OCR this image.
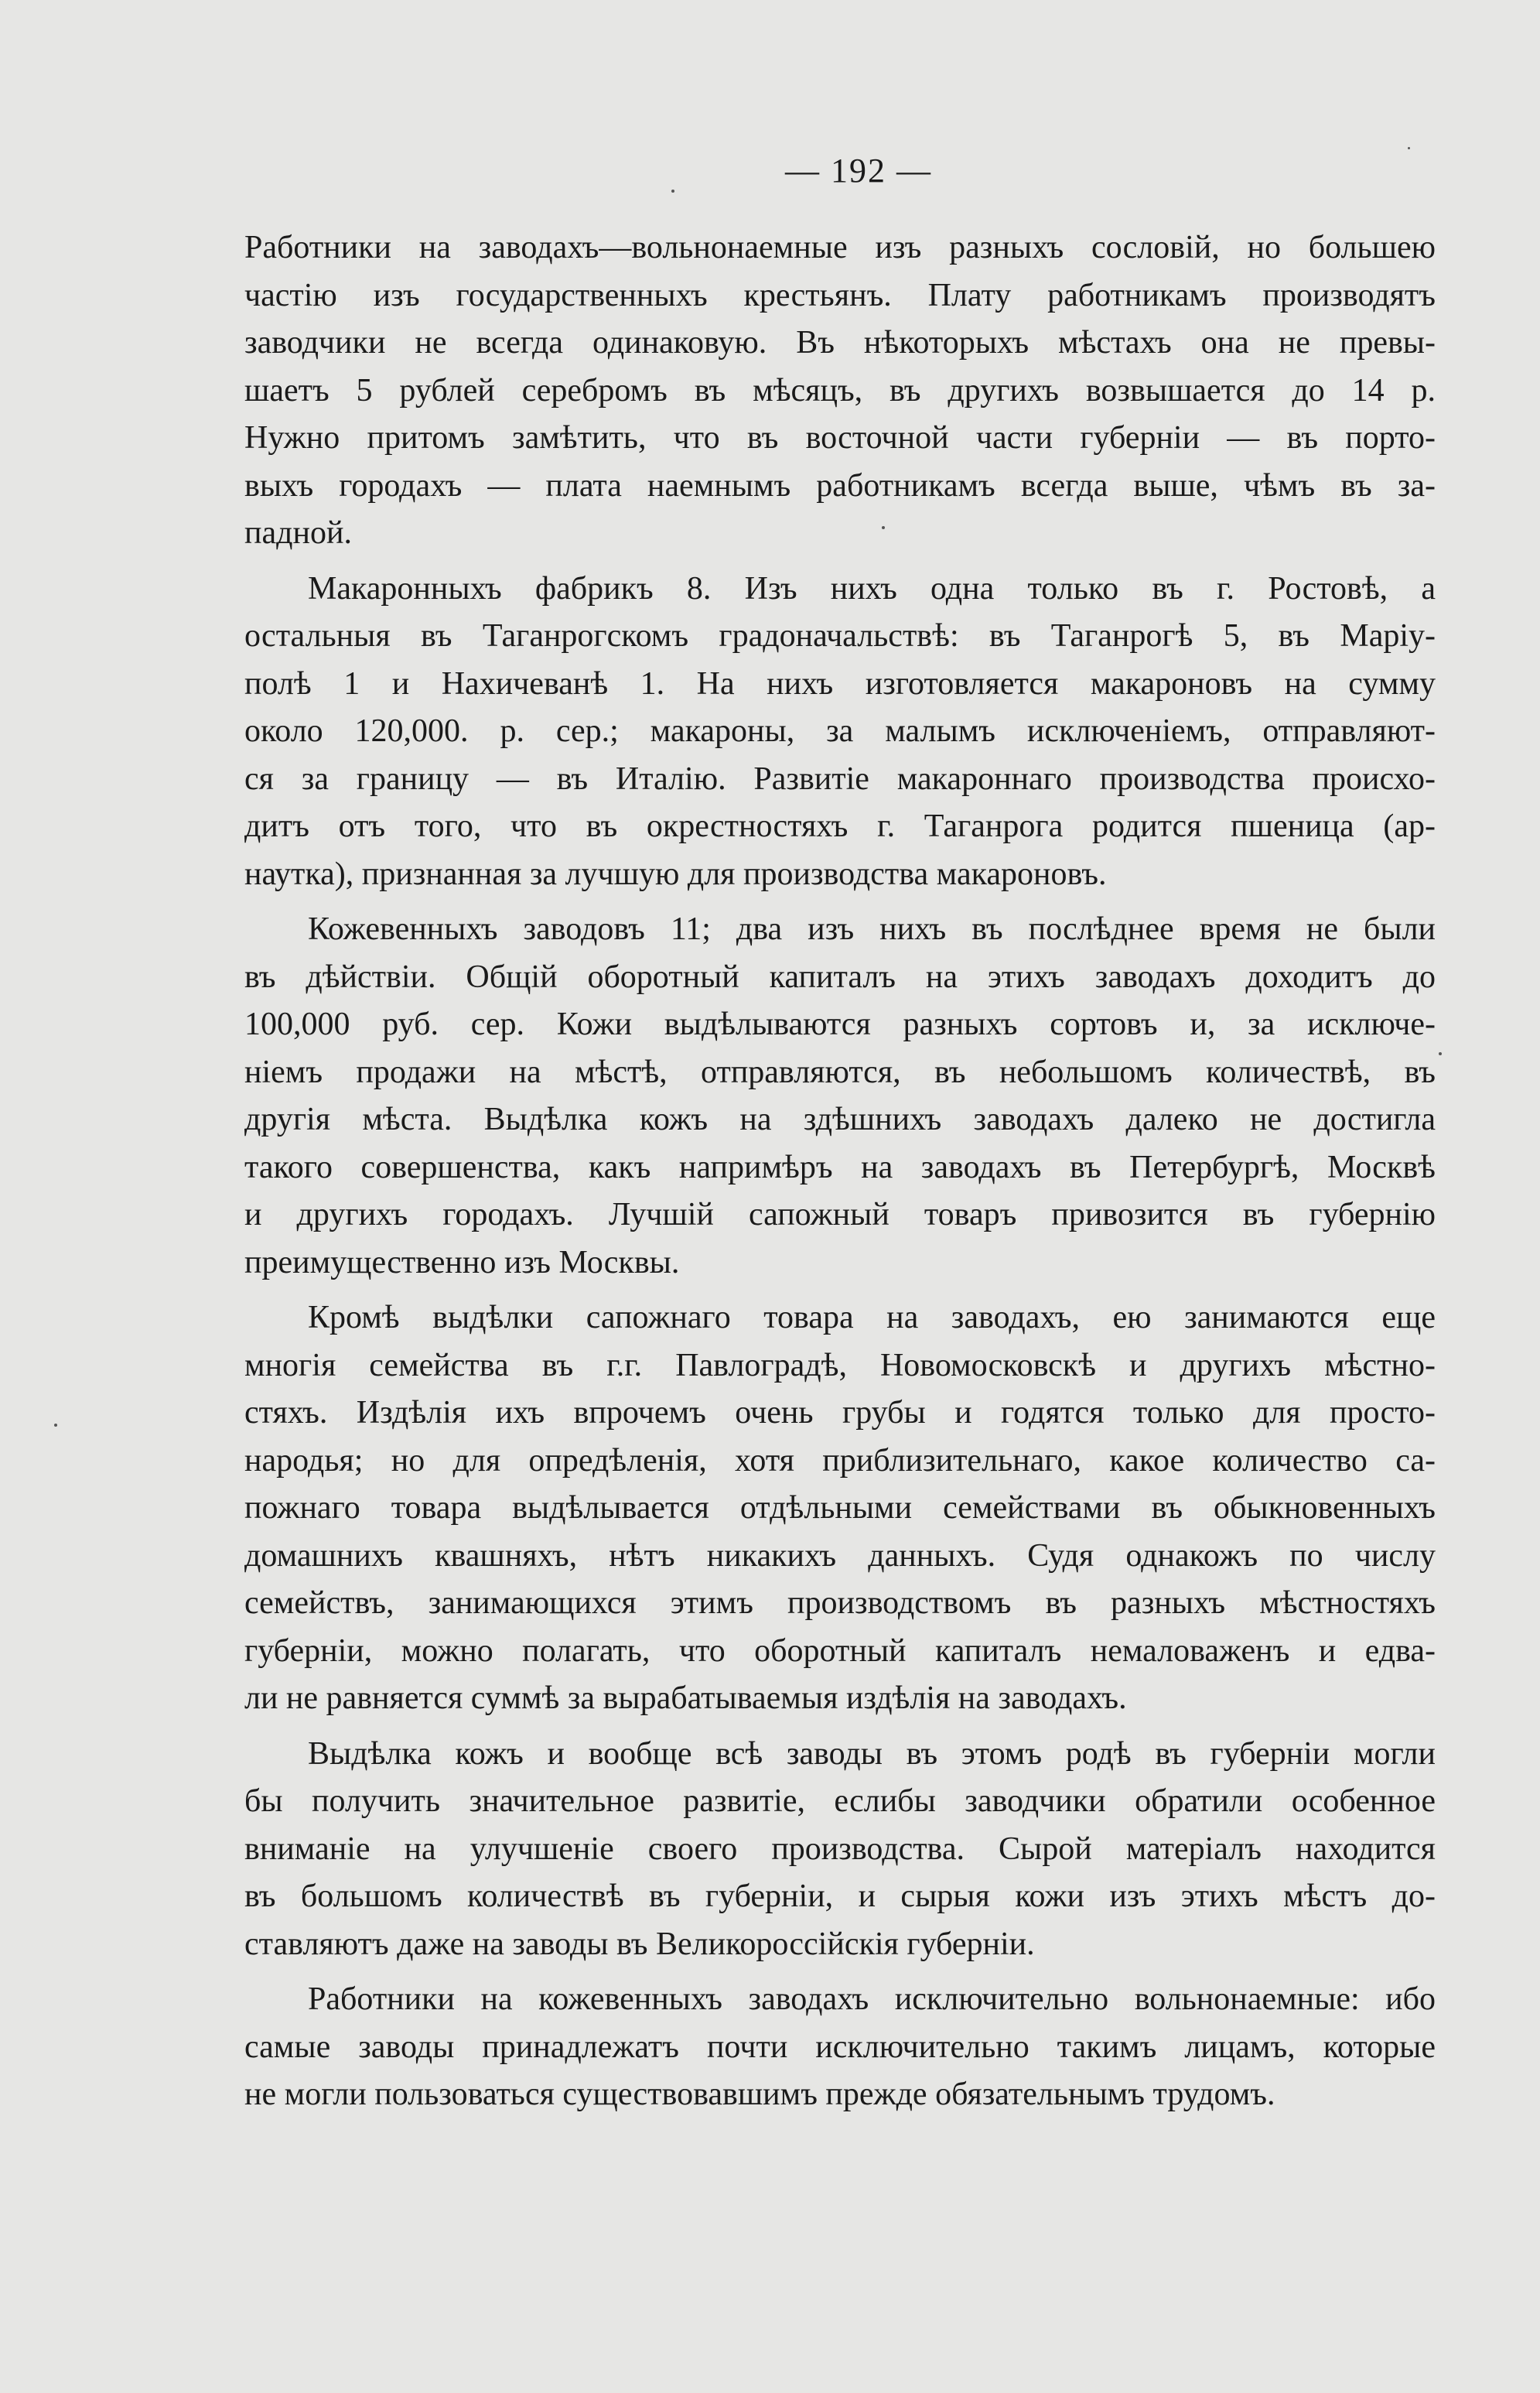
— 192 —
Работники на заводахъ—вольнонаемные изъ разныхъ сословій, но большею
частію изъ государственныхъ крестьянъ. Плату работникамъ производятъ
заводчики не всегда одинаковую. Въ нѣкоторыхъ мѣстахъ она не превы-
шаетъ 5 рублей серебромъ въ мѣсяцъ, въ другихъ возвышается до 14 р.
Нужно притомъ замѣтить, что въ восточной части губерніи — въ порто-
выхъ городахъ — плата наемнымъ работникамъ всегда выше, чѣмъ въ за-
падной.
Макаронныхъ фабрикъ 8. Изъ нихъ одна только въ г. Ростовѣ, а
остальныя въ Таганрогскомъ градоначальствѣ: въ Таганрогѣ 5, въ Маріу-
полѣ 1 и Нахичеванѣ 1. На нихъ изготовляется макароновъ на сумму
около 120,000. р. сер.; макароны, за малымъ исключеніемъ, отправляют-
ся за границу — въ Италію. Развитіе макароннаго производства происхо-
дитъ отъ того, что въ окрестностяхъ г. Таганрога родится пшеница (ар-
наутка), признанная за лучшую для производства макароновъ.
Кожевенныхъ заводовъ 11; два изъ нихъ въ послѣднее время не были
въ дѣйствіи. Общій оборотный капиталъ на этихъ заводахъ доходитъ до
100,000 руб. сер. Кожи выдѣлываются разныхъ сортовъ и, за исключе-
ніемъ продажи на мѣстѣ, отправляются, въ небольшомъ количествѣ, въ
другія мѣста. Выдѣлка кожъ на здѣшнихъ заводахъ далеко не достигла
такого совершенства, какъ напримѣръ на заводахъ въ Петербургѣ, Москвѣ
и другихъ городахъ. Лучшій сапожный товаръ привозится въ губернію
преимущественно изъ Москвы.
Кромѣ выдѣлки сапожнаго товара на заводахъ, ею занимаются еще
многія семейства въ г.г. Павлоградѣ, Новомосковскѣ и другихъ мѣстно-
стяхъ. Издѣлія ихъ впрочемъ очень грубы и годятся только для просто-
народья; но для опредѣленія, хотя приблизительнаго, какое количество са-
пожнаго товара выдѣлывается отдѣльными семействами въ обыкновенныхъ
домашнихъ квашняхъ, нѣтъ никакихъ данныхъ. Судя однакожъ по числу
семействъ, занимающихся этимъ производствомъ въ разныхъ мѣстностяхъ
губерніи, можно полагать, что оборотный капиталъ немаловаженъ и едва-
ли не равняется суммѣ за вырабатываемыя издѣлія на заводахъ.
Выдѣлка кожъ и вообще всѣ заводы въ этомъ родѣ въ губерніи могли
бы получить значительное развитіе, еслибы заводчики обратили особенное
вниманіе на улучшеніе своего производства. Сырой матеріалъ находится
въ большомъ количествѣ въ губерніи, и сырыя кожи изъ этихъ мѣстъ до-
ставляютъ даже на заводы въ Великороссійскія губерніи.
Работники на кожевенныхъ заводахъ исключительно вольнонаемные: ибо
самые заводы принадлежатъ почти исключительно такимъ лицамъ, которые
не могли пользоваться существовавшимъ прежде обязательнымъ трудомъ.
